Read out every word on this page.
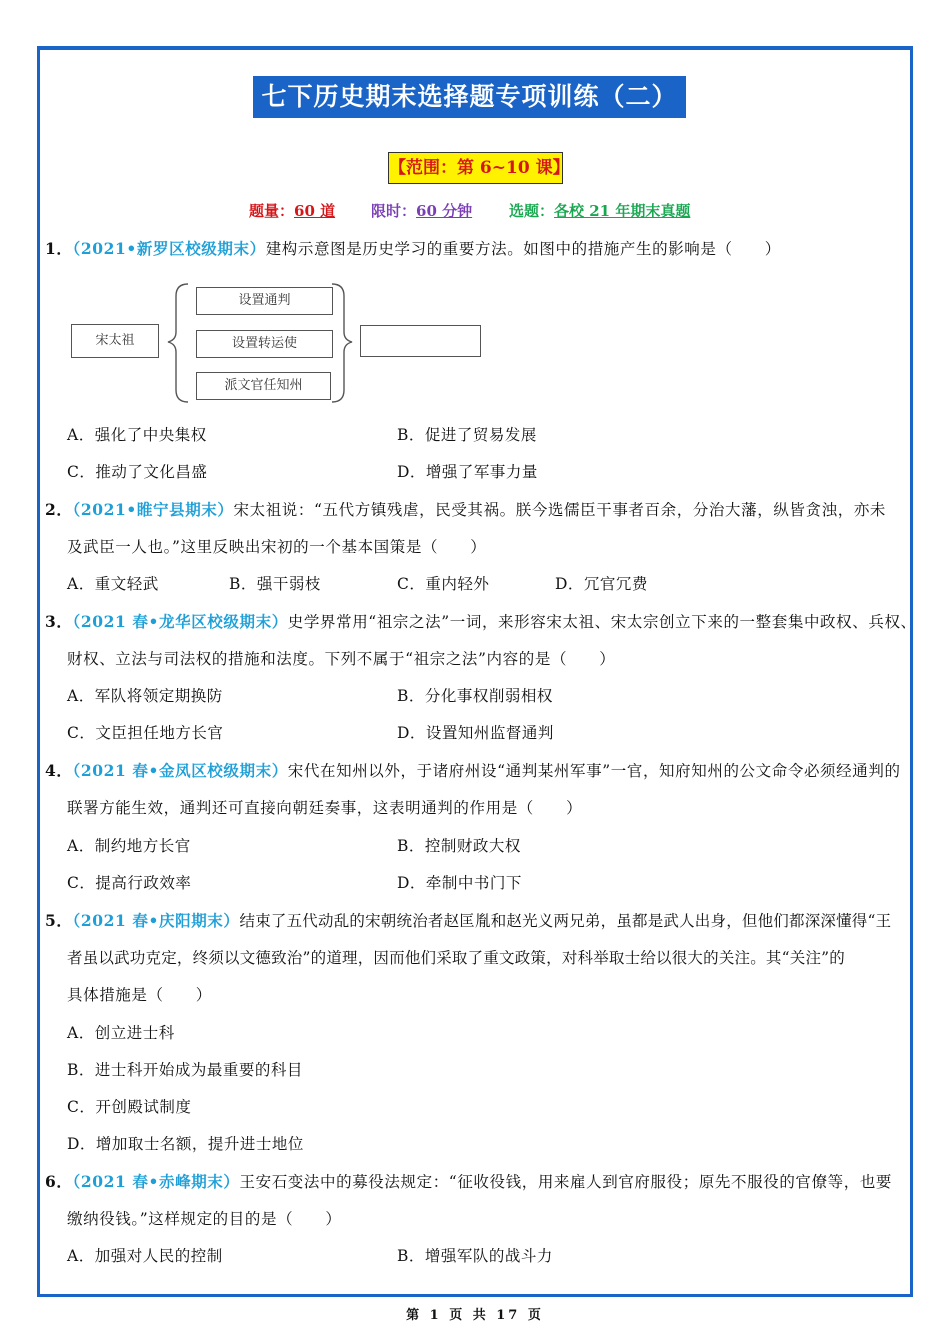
七下历史期末选择题专项训练（二）
【范围：第 6~10 课】
题量：60 道 限时：60 分钟 选题：各校 21 年期末真题
1．（2021•新罗区校级期末）建构示意图是历史学习的重要方法。如图中的措施产生的影响是（　　）
宋太祖
设置通判
设置转运使
派文官任知州
A．强化了中央集权	B．促进了贸易发展
C．推动了文化昌盛	D．增强了军事力量
2．（2021•睢宁县期末）宋太祖说：“五代方镇残虐，民受其祸。朕今选儒臣干事者百余，分治大藩，纵皆贪浊，亦未
及武臣一人也。”这里反映出宋初的一个基本国策是（　　）
A．重文轻武	B．强干弱枝	C．重内轻外	D．冗官冗费
3．（2021 春•龙华区校级期末）史学界常用“祖宗之法”一词，来形容宋太祖、宋太宗创立下来的一整套集中政权、兵权、
财权、立法与司法权的措施和法度。下列不属于“祖宗之法”内容的是（　　）
A．军队将领定期换防	B．分化事权削弱相权
C．文臣担任地方长官	D．设置知州监督通判
4．（2021 春•金凤区校级期末）宋代在知州以外，于诸府州设“通判某州军事”一官，知府知州的公文命令必须经通判的
联署方能生效，通判还可直接向朝廷奏事，这表明通判的作用是（　　）
A．制约地方长官	B．控制财政大权
C．提高行政效率	D．牵制中书门下
5．（2021 春•庆阳期末）结束了五代动乱的宋朝统治者赵匡胤和赵光义两兄弟，虽都是武人出身，但他们都深深懂得“王
者虽以武功克定，终须以文德致治”的道理，因而他们采取了重文政策，对科举取士给以很大的关注。其“关注”的
具体措施是（　　）
A．创立进士科
B．进士科开始成为最重要的科目
C．开创殿试制度
D．增加取士名额，提升进士地位
6．（2021 春•赤峰期末）王安石变法中的募役法规定：“征收役钱，用来雇人到官府服役；原先不服役的官僚等，也要
缴纳役钱。”这样规定的目的是（　　）
A．加强对人民的控制	B．增强军队的战斗力
第 1 页 共 17 页
